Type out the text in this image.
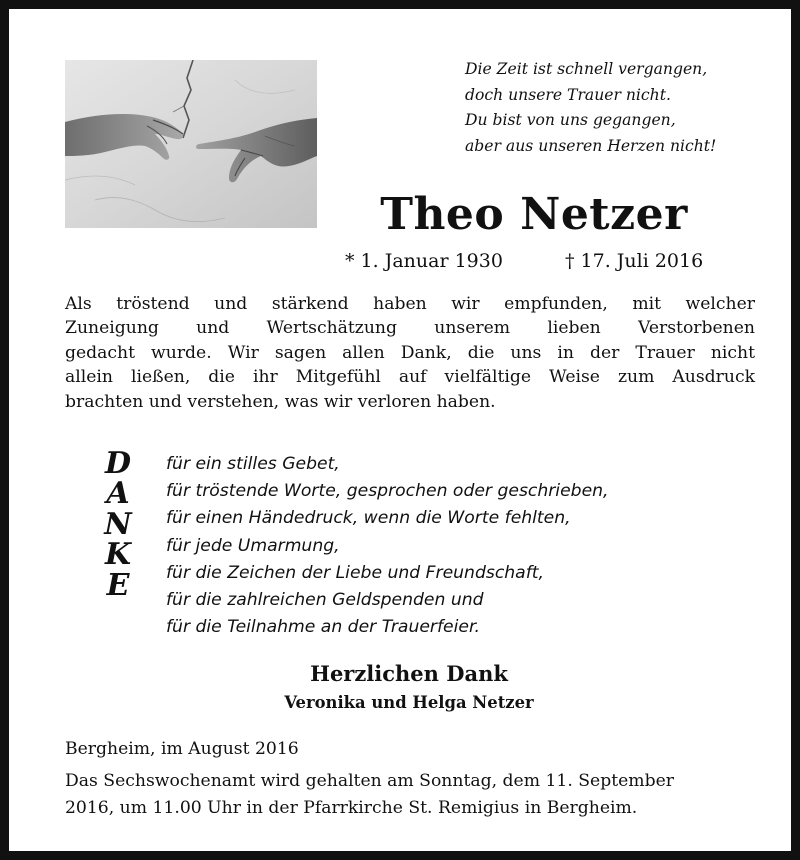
Die Zeit ist schnell vergangen,
doch unsere Trauer nicht.
Du bist von uns gegangen,
aber aus unseren Herzen nicht!
Theo Netzer
* 1. Januar 1930	† 17. Juli 2016
Als tröstend und stärkend haben wir empfunden, mit welcher
Zuneigung und Wertschätzung unserem lieben Verstorbenen
gedacht wurde. Wir sagen allen Dank, die uns in der Trauer nicht
allein ließen, die ihr Mitgefühl auf vielfältige Weise zum Ausdruck
brachten und verstehen, was wir verloren haben.
D
A
N
K
E
für ein stilles Gebet,
für tröstende Worte, gesprochen oder geschrieben,
für einen Händedruck, wenn die Worte fehlten,
für jede Umarmung,
für die Zeichen der Liebe und Freundschaft,
für die zahlreichen Geldspenden und
für die Teilnahme an der Trauerfeier.
Herzlichen Dank
Veronika und Helga Netzer
Bergheim, im August 2016
Das Sechswochenamt wird gehalten am Sonntag, dem 11. September
2016, um 11.00 Uhr in der Pfarrkirche St. Remigius in Bergheim.
